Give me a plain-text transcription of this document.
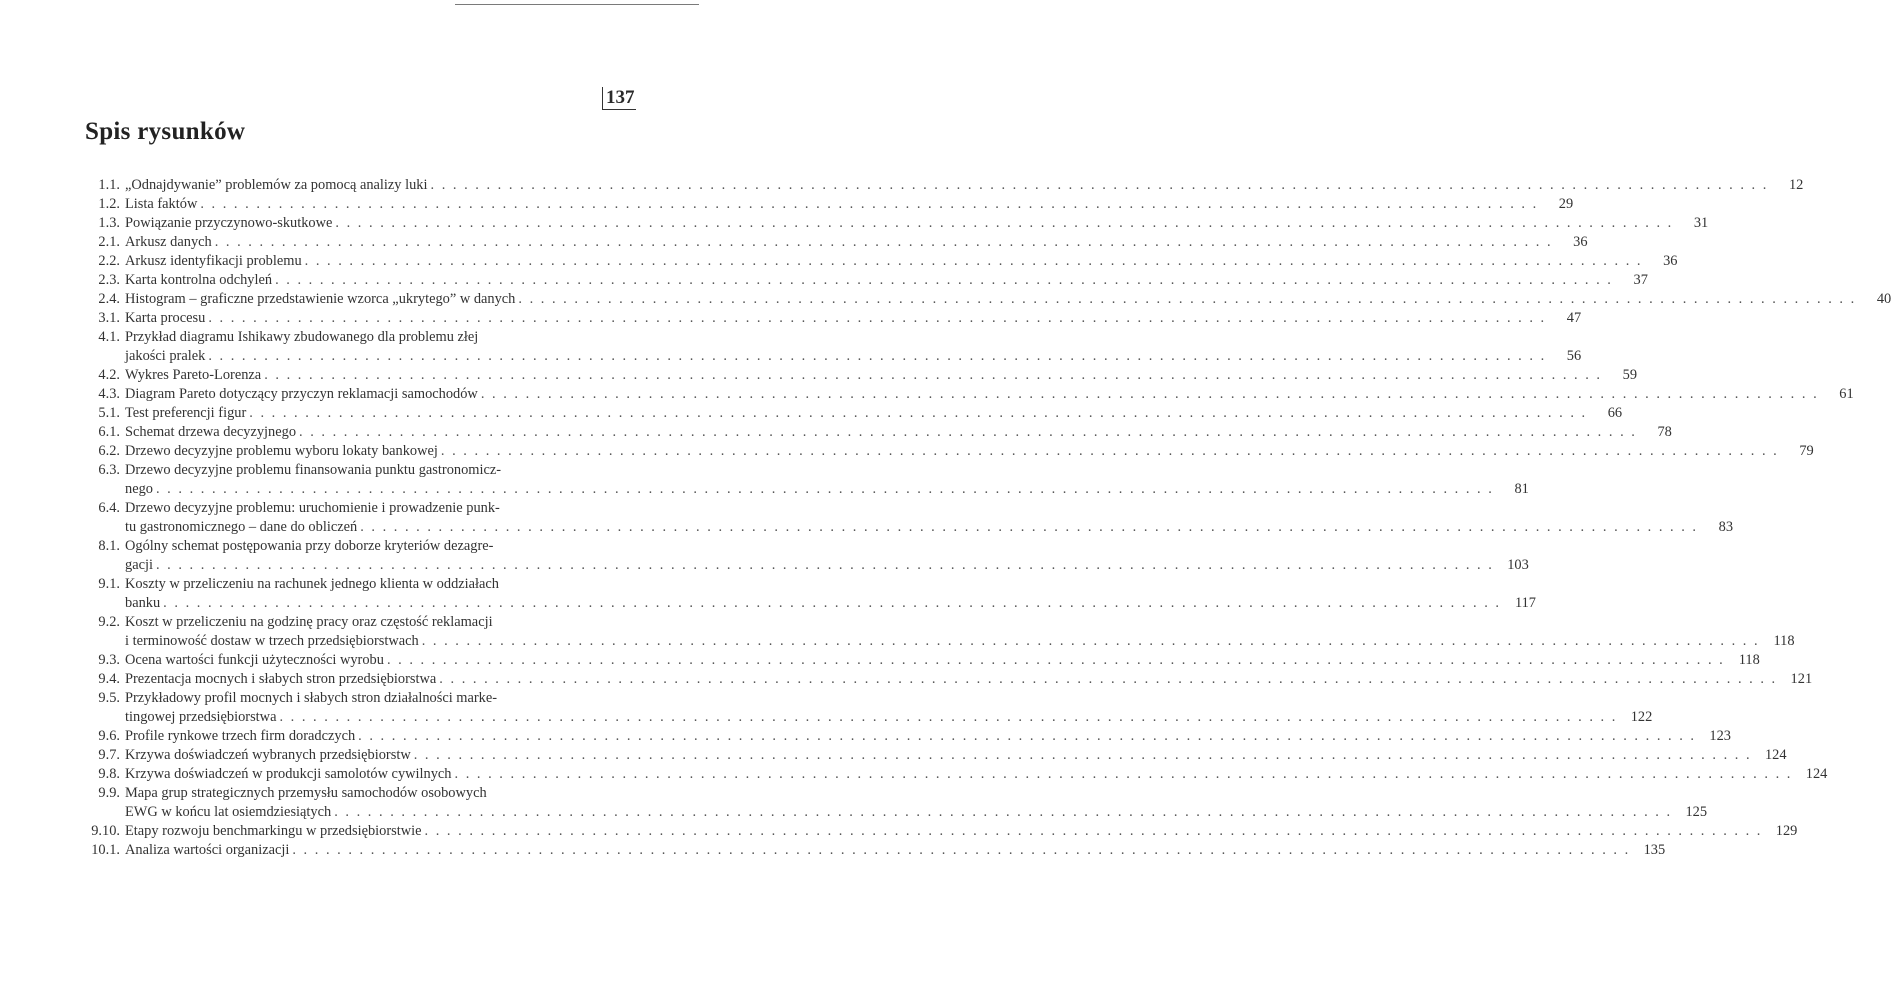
137
Spis rysunków
1.1. „Odnajdywanie” problemów za pomocą analizy luki . . . . . . . . . . . . . . . . . . . . . . . . . . . . . . . . . . . . . . . . . . . . . . . . . . . . . . . . . . . . . . . . . . . . . . . . . . . . . . . . . . . . . . . . . . . . . . . . . . . . . . . . . . . . . . . . . . . . . . . .	12
1.2. Lista faktów . . . . . . . . . . . . . . . . . . . . . . . . . . . . . . . . . . . . . . . . . . . . . . . . . . . . . . . . . . . . . . . . . . . . . . . . . . . . . . . . . . . . . . . . . . . . . . . . . . . . . . . . . . . . . . . . . . . . . . . .	29
1.3. Powiązanie przyczynowo-skutkowe . . . . . . . . . . . . . . . . . . . . . . . . . . . . . . . . . . . . . . . . . . . . . . . . . . . . . . . . . . . . . . . . . . . . . . . . . . . . . . . . . . . . . . . . . . . . . . . . . . . . . . . . . . . . . . . . . . . . . . . .	31
2.1. Arkusz danych . . . . . . . . . . . . . . . . . . . . . . . . . . . . . . . . . . . . . . . . . . . . . . . . . . . . . . . . . . . . . . . . . . . . . . . . . . . . . . . . . . . . . . . . . . . . . . . . . . . . . . . . . . . . . . . . . . . . . . . .	36
2.2. Arkusz identyfikacji problemu . . . . . . . . . . . . . . . . . . . . . . . . . . . . . . . . . . . . . . . . . . . . . . . . . . . . . . . . . . . . . . . . . . . . . . . . . . . . . . . . . . . . . . . . . . . . . . . . . . . . . . . . . . . . . . . . . . . . . . . .	36
2.3. Karta kontrolna odchyleń . . . . . . . . . . . . . . . . . . . . . . . . . . . . . . . . . . . . . . . . . . . . . . . . . . . . . . . . . . . . . . . . . . . . . . . . . . . . . . . . . . . . . . . . . . . . . . . . . . . . . . . . . . . . . . . . . . . . . . . .	37
2.4. Histogram – graficzne przedstawienie wzorca „ukrytego” w danych . . . . . . . . . . . . . . . . . . . . . . . . . . . . . . . . . . . . . . . . . . . . . . . . . . . . . . . . . . . . . . . . . . . . . . . . . . . . . . . . . . . . . . . . . . . . . . . . . . . . . . . . . . . . . . . . . . . . . . . .	40
3.1. Karta procesu . . . . . . . . . . . . . . . . . . . . . . . . . . . . . . . . . . . . . . . . . . . . . . . . . . . . . . . . . . . . . . . . . . . . . . . . . . . . . . . . . . . . . . . . . . . . . . . . . . . . . . . . . . . . . . . . . . . . . . . .	47
4.1. Przykład diagramu Ishikawy zbudowanego dla problemu złej
jakości pralek . . . . . . . . . . . . . . . . . . . . . . . . . . . . . . . . . . . . . . . . . . . . . . . . . . . . . . . . . . . . . . . . . . . . . . . . . . . . . . . . . . . . . . . . . . . . . . . . . . . . . . . . . . . . . . . . . . . . . . . .	56
4.2. Wykres Pareto-Lorenza . . . . . . . . . . . . . . . . . . . . . . . . . . . . . . . . . . . . . . . . . . . . . . . . . . . . . . . . . . . . . . . . . . . . . . . . . . . . . . . . . . . . . . . . . . . . . . . . . . . . . . . . . . . . . . . . . . . . . . . .	59
4.3. Diagram Pareto dotyczący przyczyn reklamacji samochodów . . . . . . . . . . . . . . . . . . . . . . . . . . . . . . . . . . . . . . . . . . . . . . . . . . . . . . . . . . . . . . . . . . . . . . . . . . . . . . . . . . . . . . . . . . . . . . . . . . . . . . . . . . . . . . . . . . . . . . . .	61
5.1. Test preferencji figur . . . . . . . . . . . . . . . . . . . . . . . . . . . . . . . . . . . . . . . . . . . . . . . . . . . . . . . . . . . . . . . . . . . . . . . . . . . . . . . . . . . . . . . . . . . . . . . . . . . . . . . . . . . . . . . . . . . . . . . .	66
6.1. Schemat drzewa decyzyjnego . . . . . . . . . . . . . . . . . . . . . . . . . . . . . . . . . . . . . . . . . . . . . . . . . . . . . . . . . . . . . . . . . . . . . . . . . . . . . . . . . . . . . . . . . . . . . . . . . . . . . . . . . . . . . . . . . . . . . . . .	78
6.2. Drzewo decyzyjne problemu wyboru lokaty bankowej . . . . . . . . . . . . . . . . . . . . . . . . . . . . . . . . . . . . . . . . . . . . . . . . . . . . . . . . . . . . . . . . . . . . . . . . . . . . . . . . . . . . . . . . . . . . . . . . . . . . . . . . . . . . . . . . . . . . . . . .	79
6.3. Drzewo decyzyjne problemu finansowania punktu gastronomicz-
nego . . . . . . . . . . . . . . . . . . . . . . . . . . . . . . . . . . . . . . . . . . . . . . . . . . . . . . . . . . . . . . . . . . . . . . . . . . . . . . . . . . . . . . . . . . . . . . . . . . . . . . . . . . . . . . . . . . . . . . . .	81
6.4. Drzewo decyzyjne problemu: uruchomienie i prowadzenie punk-
tu gastronomicznego – dane do obliczeń . . . . . . . . . . . . . . . . . . . . . . . . . . . . . . . . . . . . . . . . . . . . . . . . . . . . . . . . . . . . . . . . . . . . . . . . . . . . . . . . . . . . . . . . . . . . . . . . . . . . . . . . . . . . . . . . . . . . . . . .	83
8.1. Ogólny schemat postępowania przy doborze kryteriów dezagre-
gacji . . . . . . . . . . . . . . . . . . . . . . . . . . . . . . . . . . . . . . . . . . . . . . . . . . . . . . . . . . . . . . . . . . . . . . . . . . . . . . . . . . . . . . . . . . . . . . . . . . . . . . . . . . . . . . . . . . . . . . . . 103
9.1. Koszty w przeliczeniu na rachunek jednego klienta w oddziałach
banku . . . . . . . . . . . . . . . . . . . . . . . . . . . . . . . . . . . . . . . . . . . . . . . . . . . . . . . . . . . . . . . . . . . . . . . . . . . . . . . . . . . . . . . . . . . . . . . . . . . . . . . . . . . . . . . . . . . . . . . . 117
9.2. Koszt w przeliczeniu na godzinę pracy oraz częstość reklamacji
i terminowość dostaw w trzech przedsiębiorstwach . . . . . . . . . . . . . . . . . . . . . . . . . . . . . . . . . . . . . . . . . . . . . . . . . . . . . . . . . . . . . . . . . . . . . . . . . . . . . . . . . . . . . . . . . . . . . . . . . . . . . . . . . . . . . . . . . . . . . . . . 118
9.3. Ocena wartości funkcji użyteczności wyrobu . . . . . . . . . . . . . . . . . . . . . . . . . . . . . . . . . . . . . . . . . . . . . . . . . . . . . . . . . . . . . . . . . . . . . . . . . . . . . . . . . . . . . . . . . . . . . . . . . . . . . . . . . . . . . . . . . . . . . . . . 118
9.4. Prezentacja mocnych i słabych stron przedsiębiorstwa . . . . . . . . . . . . . . . . . . . . . . . . . . . . . . . . . . . . . . . . . . . . . . . . . . . . . . . . . . . . . . . . . . . . . . . . . . . . . . . . . . . . . . . . . . . . . . . . . . . . . . . . . . . . . . . . . . . . . . . . 121
9.5. Przykładowy profil mocnych i słabych stron działalności marke-
tingowej przedsiębiorstwa . . . . . . . . . . . . . . . . . . . . . . . . . . . . . . . . . . . . . . . . . . . . . . . . . . . . . . . . . . . . . . . . . . . . . . . . . . . . . . . . . . . . . . . . . . . . . . . . . . . . . . . . . . . . . . . . . . . . . . . . 122
9.6. Profile rynkowe trzech firm doradczych . . . . . . . . . . . . . . . . . . . . . . . . . . . . . . . . . . . . . . . . . . . . . . . . . . . . . . . . . . . . . . . . . . . . . . . . . . . . . . . . . . . . . . . . . . . . . . . . . . . . . . . . . . . . . . . . . . . . . . . . 123
9.7. Krzywa doświadczeń wybranych przedsiębiorstw . . . . . . . . . . . . . . . . . . . . . . . . . . . . . . . . . . . . . . . . . . . . . . . . . . . . . . . . . . . . . . . . . . . . . . . . . . . . . . . . . . . . . . . . . . . . . . . . . . . . . . . . . . . . . . . . . . . . . . . . 124
9.8. Krzywa doświadczeń w produkcji samolotów cywilnych . . . . . . . . . . . . . . . . . . . . . . . . . . . . . . . . . . . . . . . . . . . . . . . . . . . . . . . . . . . . . . . . . . . . . . . . . . . . . . . . . . . . . . . . . . . . . . . . . . . . . . . . . . . . . . . . . . . . . . . . 124
9.9. Mapa grup strategicznych przemysłu samochodów osobowych
EWG w końcu lat osiemdziesiątych . . . . . . . . . . . . . . . . . . . . . . . . . . . . . . . . . . . . . . . . . . . . . . . . . . . . . . . . . . . . . . . . . . . . . . . . . . . . . . . . . . . . . . . . . . . . . . . . . . . . . . . . . . . . . . . . . . . . . . . . 125
9.10. Etapy rozwoju benchmarkingu w przedsiębiorstwie . . . . . . . . . . . . . . . . . . . . . . . . . . . . . . . . . . . . . . . . . . . . . . . . . . . . . . . . . . . . . . . . . . . . . . . . . . . . . . . . . . . . . . . . . . . . . . . . . . . . . . . . . . . . . . . . . . . . . . . . 129
10.1. Analiza wartości organizacji . . . . . . . . . . . . . . . . . . . . . . . . . . . . . . . . . . . . . . . . . . . . . . . . . . . . . . . . . . . . . . . . . . . . . . . . . . . . . . . . . . . . . . . . . . . . . . . . . . . . . . . . . . . . . . . . . . . . . . . . 135
